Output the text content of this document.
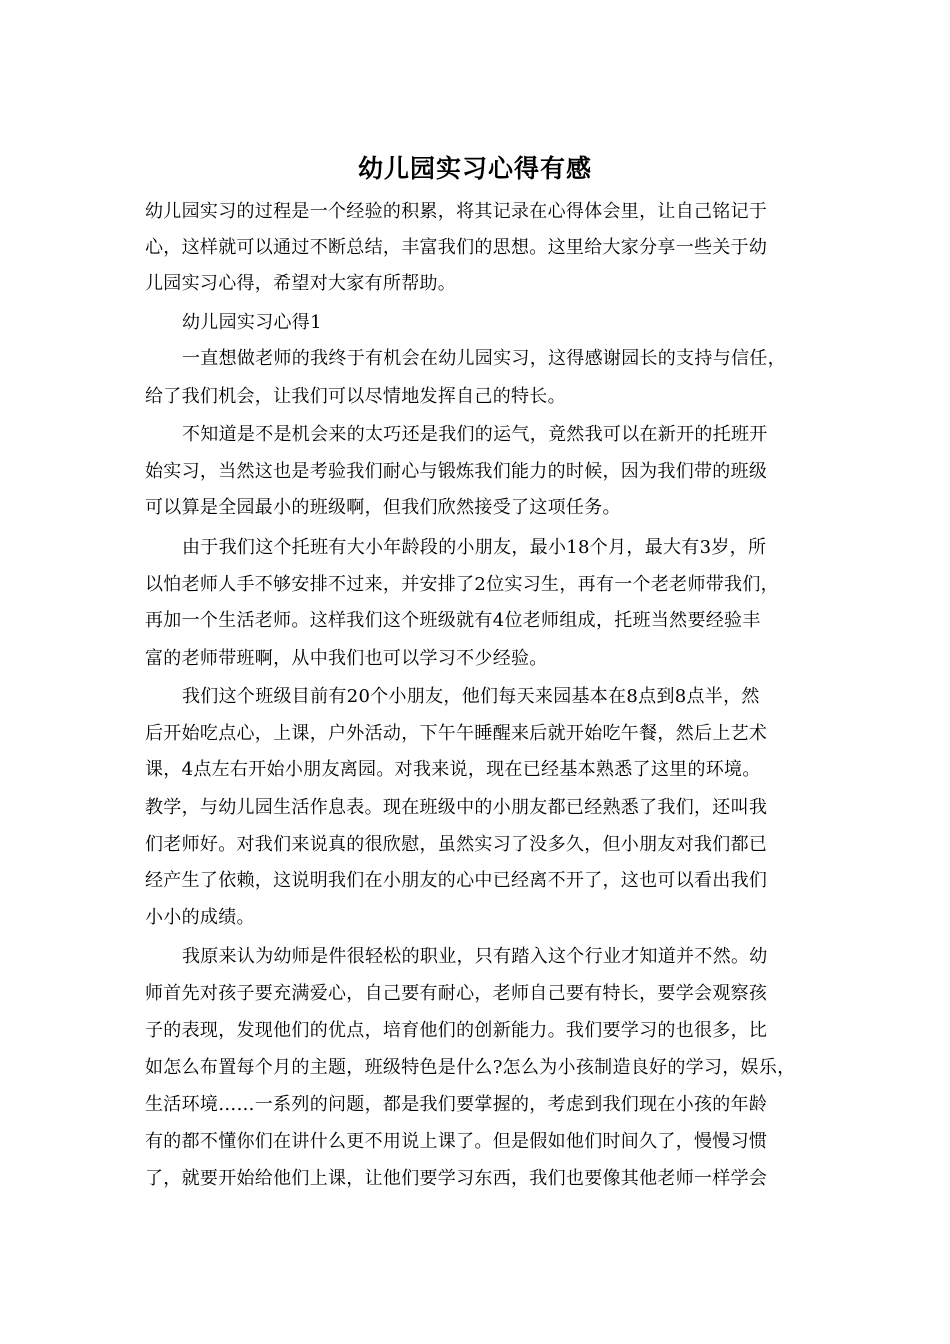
幼儿园实习心得有感
幼儿园实习的过程是一个经验的积累，将其记录在心得体会里，让自己铭记于
心，这样就可以通过不断总结，丰富我们的思想。这里给大家分享一些关于幼
儿园实习心得，希望对大家有所帮助。
幼儿园实习心得1
一直想做老师的我终于有机会在幼儿园实习，这得感谢园长的支持与信任，
给了我们机会，让我们可以尽情地发挥自己的特长。
不知道是不是机会来的太巧还是我们的运气，竟然我可以在新开的托班开
始实习，当然这也是考验我们耐心与锻炼我们能力的时候，因为我们带的班级
可以算是全园最小的班级啊，但我们欣然接受了这项任务。
由于我们这个托班有大小年龄段的小朋友，最小18个月，最大有3岁，所
以怕老师人手不够安排不过来，并安排了2位实习生，再有一个老老师带我们，
再加一个生活老师。这样我们这个班级就有4位老师组成，托班当然要经验丰
富的老师带班啊，从中我们也可以学习不少经验。
我们这个班级目前有20个小朋友，他们每天来园基本在8点到8点半，然
后开始吃点心，上课，户外活动，下午午睡醒来后就开始吃午餐，然后上艺术
课，4点左右开始小朋友离园。对我来说，现在已经基本熟悉了这里的环境。
教学，与幼儿园生活作息表。现在班级中的小朋友都已经熟悉了我们，还叫我
们老师好。对我们来说真的很欣慰，虽然实习了没多久，但小朋友对我们都已
经产生了依赖，这说明我们在小朋友的心中已经离不开了，这也可以看出我们
小小的成绩。
我原来认为幼师是件很轻松的职业，只有踏入这个行业才知道并不然。幼
师首先对孩子要充满爱心，自己要有耐心，老师自己要有特长，要学会观察孩
子的表现，发现他们的优点，培育他们的创新能力。我们要学习的也很多，比
如怎么布置每个月的主题，班级特色是什么?怎么为小孩制造良好的学习，娱乐，
生活环境……一系列的问题，都是我们要掌握的，考虑到我们现在小孩的年龄
有的都不懂你们在讲什么更不用说上课了。但是假如他们时间久了，慢慢习惯
了，就要开始给他们上课，让他们要学习东西，我们也要像其他老师一样学会
